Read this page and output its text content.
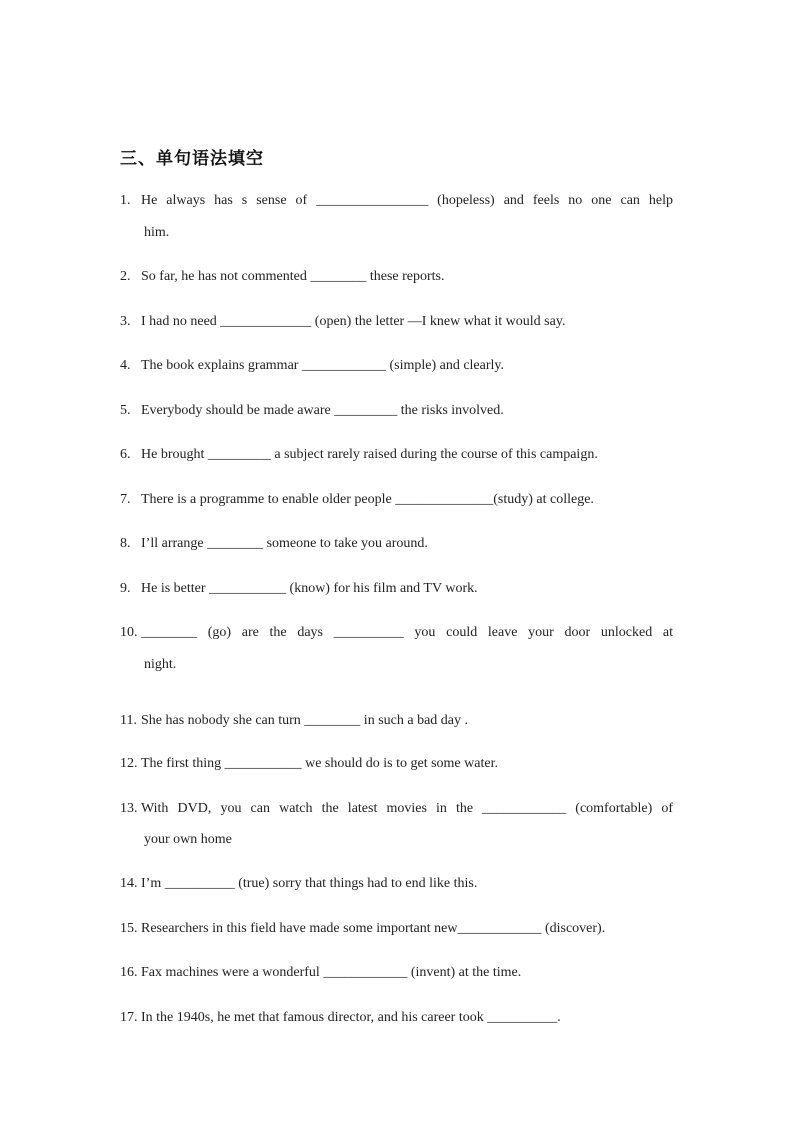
三、单句语法填空
1. He always has s sense of ________________ (hopeless) and feels no one can help
him.
2. So far, he has not commented ________ these reports.
3. I had no need _____________ (open) the letter —I knew what it would say.
4. The book explains grammar ____________ (simple) and clearly.
5. Everybody should be made aware _________ the risks involved.
6. He brought _________ a subject rarely raised during the course of this campaign.
7. There is a programme to enable older people ______________(study) at college.
8. I’ll arrange ________ someone to take you around.
9. He is better ___________ (know) for his film and TV work.
10. ________ (go) are the days __________ you could leave your door unlocked at
night.
11. She has nobody she can turn ________ in such a bad day .
12. The first thing ___________ we should do is to get some water.
13. With DVD, you can watch the latest movies in the ____________ (comfortable) of
your own home
14. I’m __________ (true) sorry that things had to end like this.
15. Researchers in this field have made some important new____________ (discover).
16. Fax machines were a wonderful ____________ (invent) at the time.
17. In the 1940s, he met that famous director, and his career took __________.
